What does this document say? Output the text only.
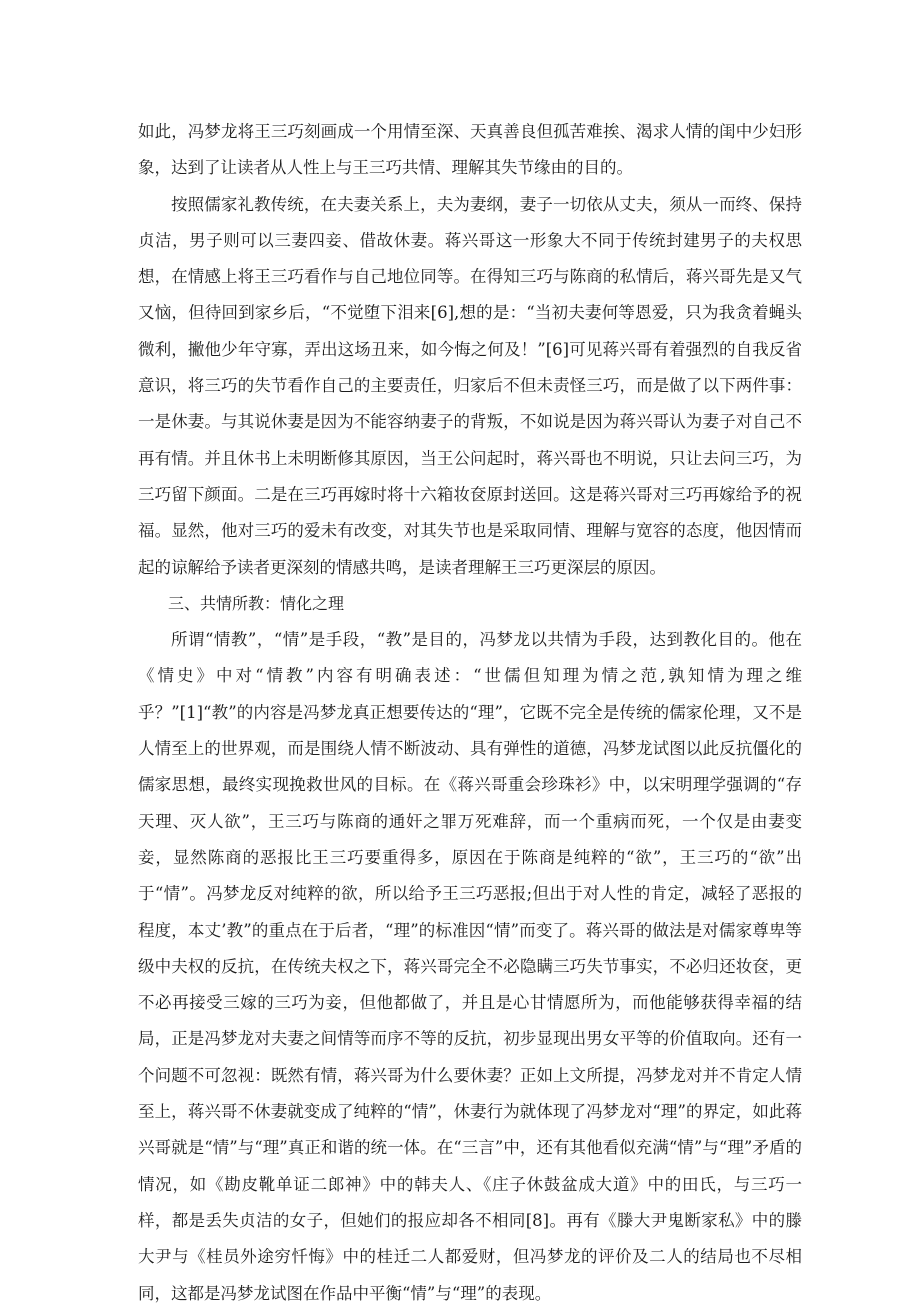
如此，冯梦龙将王三巧刻画成一个用情至深、天真善良但孤苦难挨、渴求人情的闺中少妇形象，达到了让读者从人性上与王三巧共情、理解其失节缘由的目的。

按照儒家礼教传统，在夫妻关系上，夫为妻纲，妻子一切依从丈夫，须从一而终、保持贞洁，男子则可以三妻四妾、借故休妻。蒋兴哥这一形象大不同于传统封建男子的夫权思想，在情感上将王三巧看作与自己地位同等。在得知三巧与陈商的私情后，蒋兴哥先是又气又恼，但待回到家乡后，“不觉堕下泪来[6],想的是：“当初夫妻何等恩爱，只为我贪着蝇头微利，撇他少年守寡，弄出这场丑来，如今悔之何及！”[6]可见蒋兴哥有着强烈的自我反省意识，将三巧的失节看作自己的主要责任，归家后不但未责怪三巧，而是做了以下两件事：一是休妻。与其说休妻是因为不能容纳妻子的背叛，不如说是因为蒋兴哥认为妻子对自己不再有情。并且休书上未明断修其原因，当王公问起时，蒋兴哥也不明说，只让去问三巧，为三巧留下颜面。二是在三巧再嫁时将十六箱妆奁原封送回。这是蒋兴哥对三巧再嫁给予的祝福。显然，他对三巧的爱未有改变，对其失节也是采取同情、理解与宽容的态度，他因情而起的谅解给予读者更深刻的情感共鸣，是读者理解王三巧更深层的原因。

三、共情所教：情化之理

所谓“情教”，“情”是手段，“教”是目的，冯梦龙以共情为手段，达到教化目的。他在《情史》中对“情教”内容有明确表述：“世儒但知理为情之范,孰知情为理之维乎？”[1]“教”的内容是冯梦龙真正想要传达的“理”，它既不完全是传统的儒家伦理，又不是人情至上的世界观，而是围绕人情不断波动、具有弹性的道德，冯梦龙试图以此反抗僵化的儒家思想，最终实现挽救世风的目标。在《蒋兴哥重会珍珠衫》中，以宋明理学强调的“存天理、灭人欲”，王三巧与陈商的通奸之罪万死难辞，而一个重病而死，一个仅是由妻变妾，显然陈商的恶报比王三巧要重得多，原因在于陈商是纯粹的“欲”，王三巧的“欲”出于“情”。冯梦龙反对纯粹的欲，所以给予王三巧恶报;但出于对人性的肯定，减轻了恶报的程度，本丈’教”的重点在于后者，“理”的标准因“情”而变了。蒋兴哥的做法是对儒家尊卑等级中夫权的反抗，在传统夫权之下，蒋兴哥完全不必隐瞒三巧失节事实，不必归还妆奁，更不必再接受三嫁的三巧为妾，但他都做了，并且是心甘情愿所为，而他能够获得幸福的结局，正是冯梦龙对夫妻之间情等而序不等的反抗，初步显现出男女平等的价值取向。还有一个问题不可忽视：既然有情，蒋兴哥为什么要休妻？正如上文所提，冯梦龙对并不肯定人情至上，蒋兴哥不休妻就变成了纯粹的“情”，休妻行为就体现了冯梦龙对“理”的界定，如此蒋兴哥就是“情”与“理”真正和谐的统一体。在“三言”中，还有其他看似充满“情”与“理”矛盾的情况，如《勘皮靴单证二郎神》中的韩夫人、《庄子休鼓盆成大道》中的田氏，与三巧一样，都是丢失贞洁的女子，但她们的报应却各不相同[8]。再有《滕大尹鬼断家私》中的滕大尹与《桂员外途穷忏悔》中的桂迁二人都爱财，但冯梦龙的评价及二人的结局也不尽相同，这都是冯梦龙试图在作品中平衡“情”与“理”的表现。
